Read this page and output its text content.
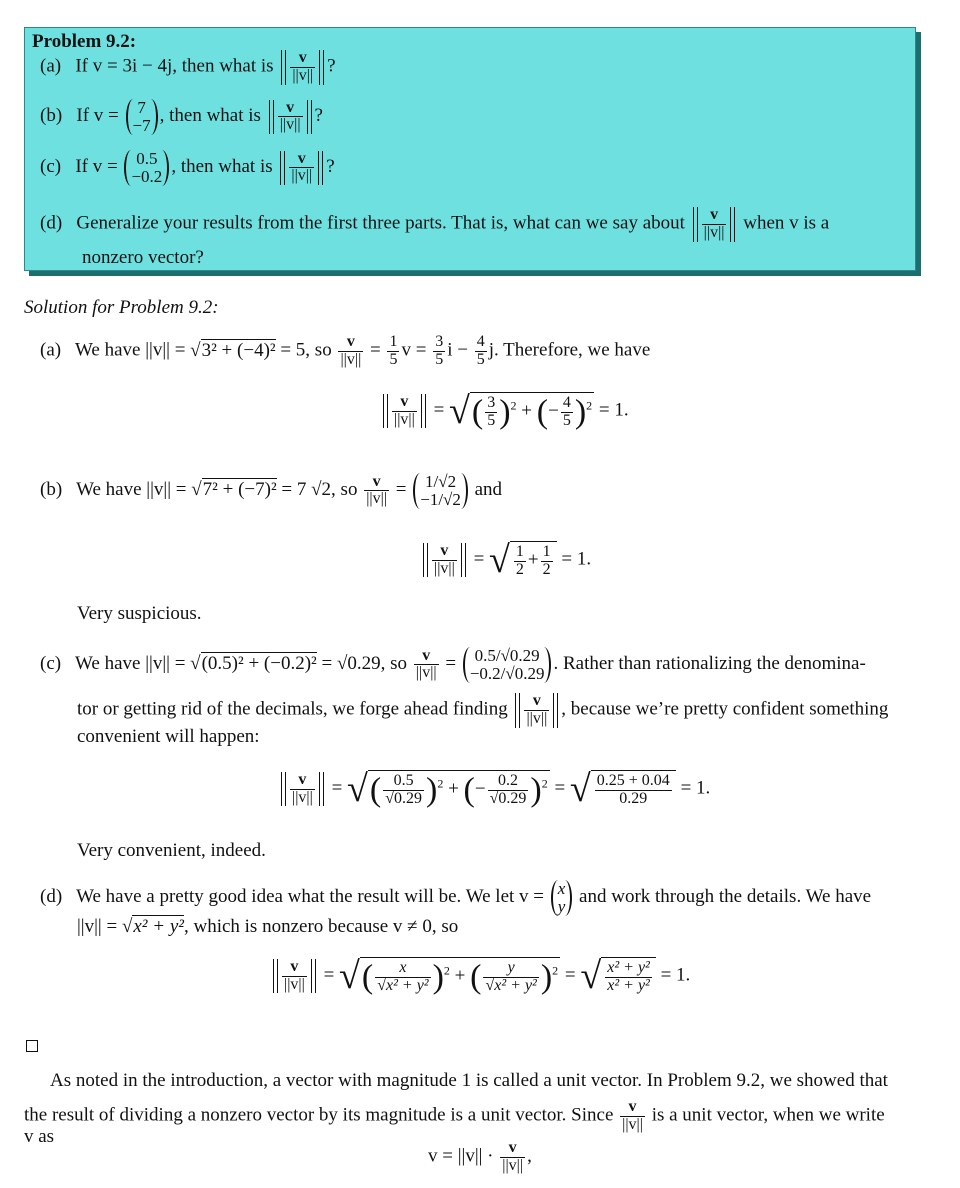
Problem 9.2:
(a) If v = 3i − 4j, then what is $\frac{v}{||v||}$ ?
(b) If v = 7
−7 , then what is $\frac{v}{||v||}$ ?
(c) If v = 0.5
−0.2 , then what is $\frac{v}{||v||}$ ?
(d) Generalize your results from the first three parts. That is, what can we say about $\frac{v}{||v||}$ when v is a
nonzero vector?
Solution for Problem 9.2:
(a) We have ||v|| = √3² + (−4)² = 5, so $\frac{v}{||v||} = \frac{1}{5}$ $v = \frac{3}{5}$ $i - \frac{4}{5} j$. Therefore, we have
$\frac{v}{||v||}$ = √( $\frac{3}{5} )^2$ + (− $\frac{4}{5} )^2 = 1$.
(b) We have ||v|| = √7² + (−7)² = 7 √2, so $\frac{v}{||v||} = 1/√2$
−1/√2 and
$\frac{v}{||v||}$ = √ $\frac{1}{2} + \frac{1}{2} = 1$.
Very suspicious.
(c) We have ||v|| = √(0.5)² + (−0.2)² = √0.29, so $\frac{v}{||v||} = 0.5/√0.29$
−0.2/√0.29 . Rather than rationalizing the denomina-
tor or getting rid of the decimals, we forge ahead finding $\frac{v}{||v||}$ , because we’re pretty confident something
convenient will happen:
$\frac{v}{||v||}$ = √( $\frac{0.5}{√0.29} )^2$ + (− $\frac{0.2}{√0.29} )^2$ = √ $\frac{0.25 + 0.04}{0.29} = 1$.
Very convenient, indeed.
(d) We have a pretty good idea what the result will be. We let v = x
y and work through the details. We have
||v|| = √x² + y², which is nonzero because v ≠ 0, so
$\frac{v}{||v||}$ = √( $\frac{x}{\text{√x² + y²}} )^2$ + ( $\frac{y}{\text{√x² + y²}} )^2$ = √ $\frac{\text{x² + y²}}{\text{x² + y²}} = 1$.
As noted in the introduction, a vector with magnitude 1 is called a unit vector. In Problem 9.2, we showed that
the result of dividing a nonzero vector by its magnitude is a unit vector. Since $\frac{v}{||v||}$ is a unit vector, when we write
v as
$v = ||v|| \cdot \frac{v}{||v||}$ ,
